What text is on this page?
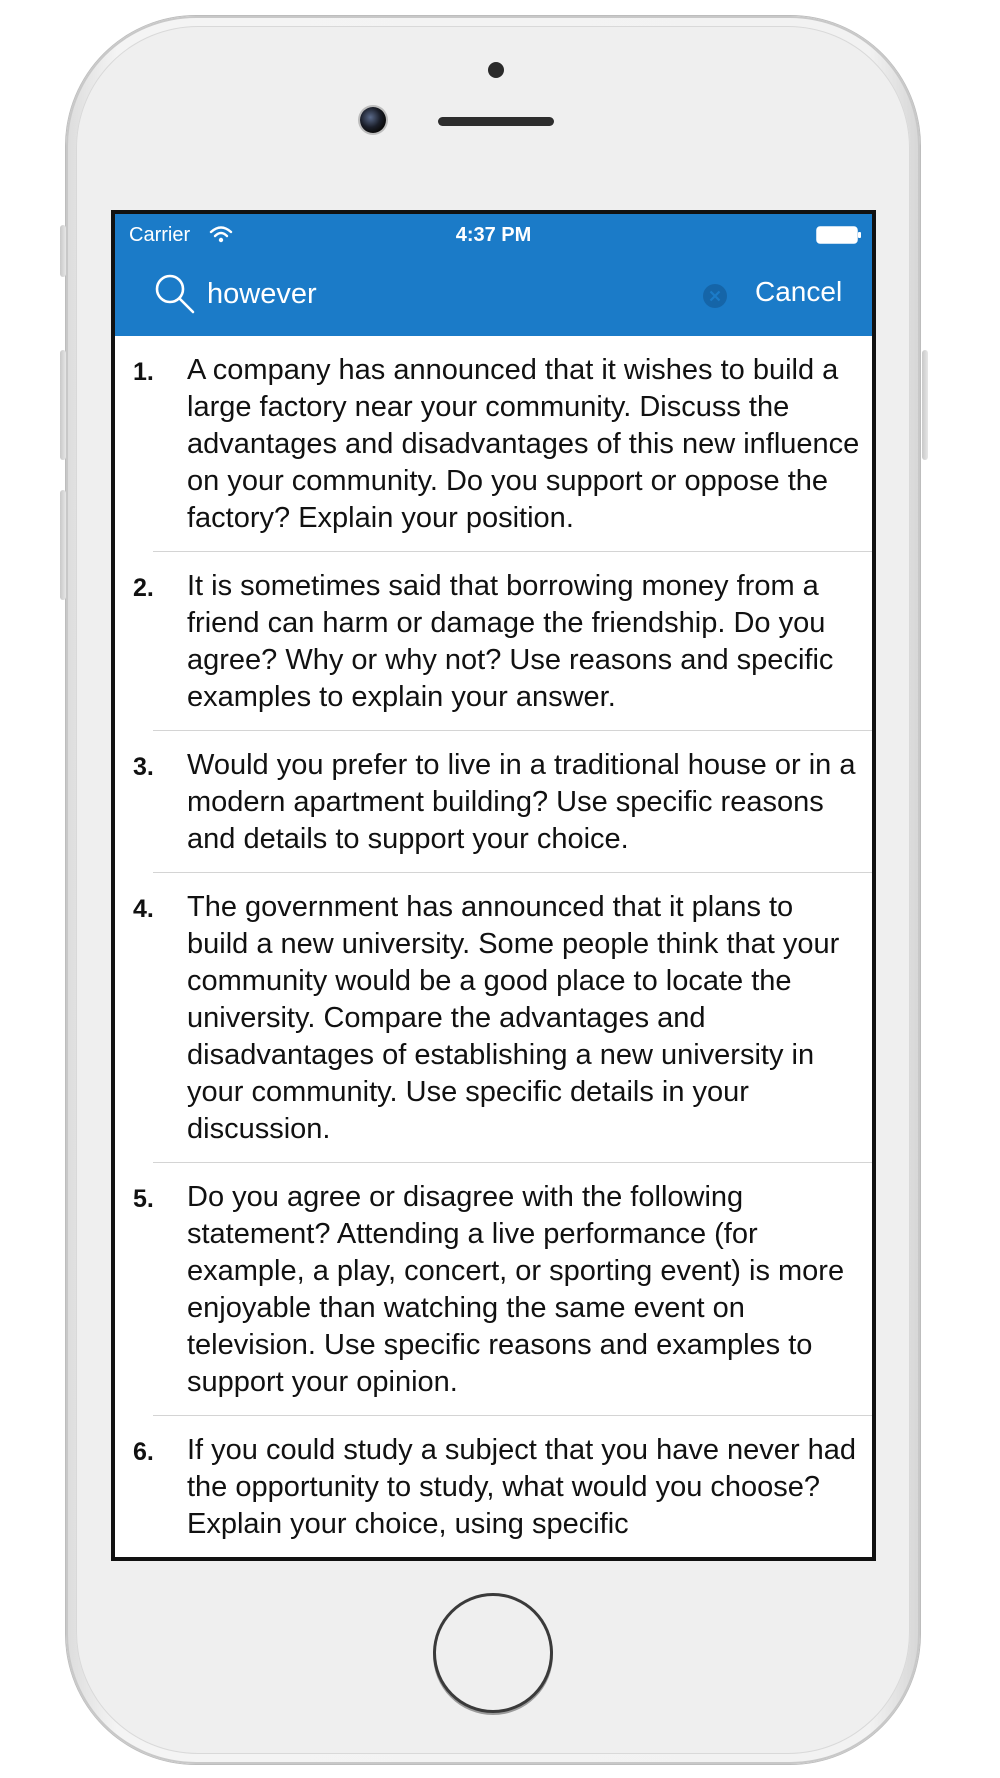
Carrier	4:37 PM
however
Cancel
1. A company has announced that it wishes to build a large factory near your community. Discuss the advantages and disadvantages of this new influence on your community. Do you support or oppose the factory? Explain your position.
2. It is sometimes said that borrowing money from a friend can harm or damage the friendship. Do you agree? Why or why not? Use reasons and specific examples to explain your answer.
3. Would you prefer to live in a traditional house or in a modern apartment building? Use specific reasons and details to support your choice.
4. The government has announced that it plans to build a new university. Some people think that your community would be a good place to locate the university. Compare the advantages and disadvantages of establishing a new university in your community. Use specific details in your discussion.
5. Do you agree or disagree with the following statement? Attending a live performance (for example, a play, concert, or sporting event) is more enjoyable than watching the same event on television. Use specific reasons and examples to support your opinion.
6. If you could study a subject that you have never had the opportunity to study, what would you choose? Explain your choice, using specific
